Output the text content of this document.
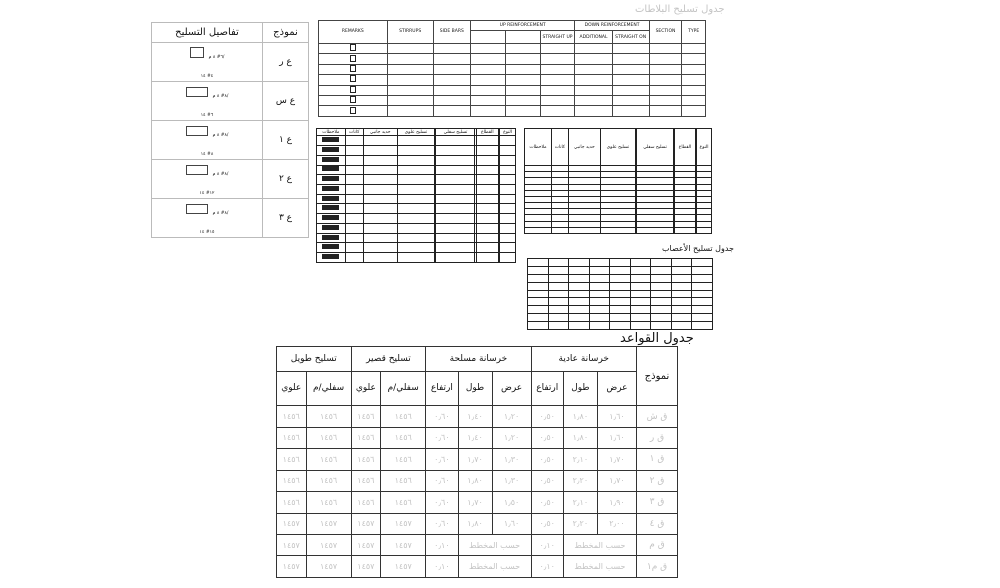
جدول تسليح البلاطات
تفاصيل التسليح	نموذج
٦# ٨ م/
٤# ١٤	ع ر
٨# ٨ م/
٦# ١٤	ع س
٨# ٨ م/
٨# ١٤	ع ١
٨# ٨ م/
١٢# ١٤	ع ٢
٨# ٨ م/
١٥# ١٤	ع ٣
REMARKS	STIRRUPS	SIDE BARS	UP REINFORCEMENT			DOWN REINFORCEMENT		SECTION	TYPE
					STRAIGHT UP	ADDITIONAL	STRAIGHT ON		

ملاحظات	كانات	حديد جانبي	تسليح علوي		تسليح سفلي		القطاع		النوع

ملاحظات	كانات	حديد جانبي	تسليح علوي		تسليح سفلي		القطاع		النوع

جدول تسليح الأعصاب

جدول القواعد
تسليح طويل		تسليح قصير		خرسانة مسلحة			خرسانة عادية			نموذج
علوي	سفلي/م	علوي	سفلي/م	ارتفاع	طول	عرض	ارتفاع	طول	عرض	
١٤٥٦	١٤٥٦	١٤٥٦	١٤٥٦	٠٫٦٠	١٫٤٠	١٫٢٠	٠٫٥٠	١٫٨٠	١٫٦٠	ق ش
١٤٥٦	١٤٥٦	١٤٥٦	١٤٥٦	٠٫٦٠	١٫٤٠	١٫٢٠	٠٫٥٠	١٫٨٠	١٫٦٠	ق ر
١٤٥٦	١٤٥٦	١٤٥٦	١٤٥٦	٠٫٦٠	١٫٧٠	١٫٣٠	٠٫٥٠	٢٫١٠	١٫٧٠	ق ١
١٤٥٦	١٤٥٦	١٤٥٦	١٤٥٦	٠٫٦٠	١٫٨٠	١٫٣٠	٠٫٥٠	٢٫٢٠	١٫٧٠	ق ٢
١٤٥٦	١٤٥٦	١٤٥٦	١٤٥٦	٠٫٦٠	١٫٧٠	١٫٥٠	٠٫٥٠	٢٫١٠	١٫٩٠	ق ٣
١٤٥٧	١٤٥٧	١٤٥٧	١٤٥٧	٠٫٦٠	١٫٨٠	١٫٦٠	٠٫٥٠	٢٫٢٠	٢٫٠٠	ق ٤
١٤٥٧	١٤٥٧	١٤٥٧	١٤٥٧	٠٫١٠	حسب المخطط		٠٫١٠	حسب المخطط		ق م
١٤٥٧	١٤٥٧	١٤٥٧	١٤٥٧	٠٫١٠	حسب المخطط		٠٫١٠	حسب المخطط		ق م١
